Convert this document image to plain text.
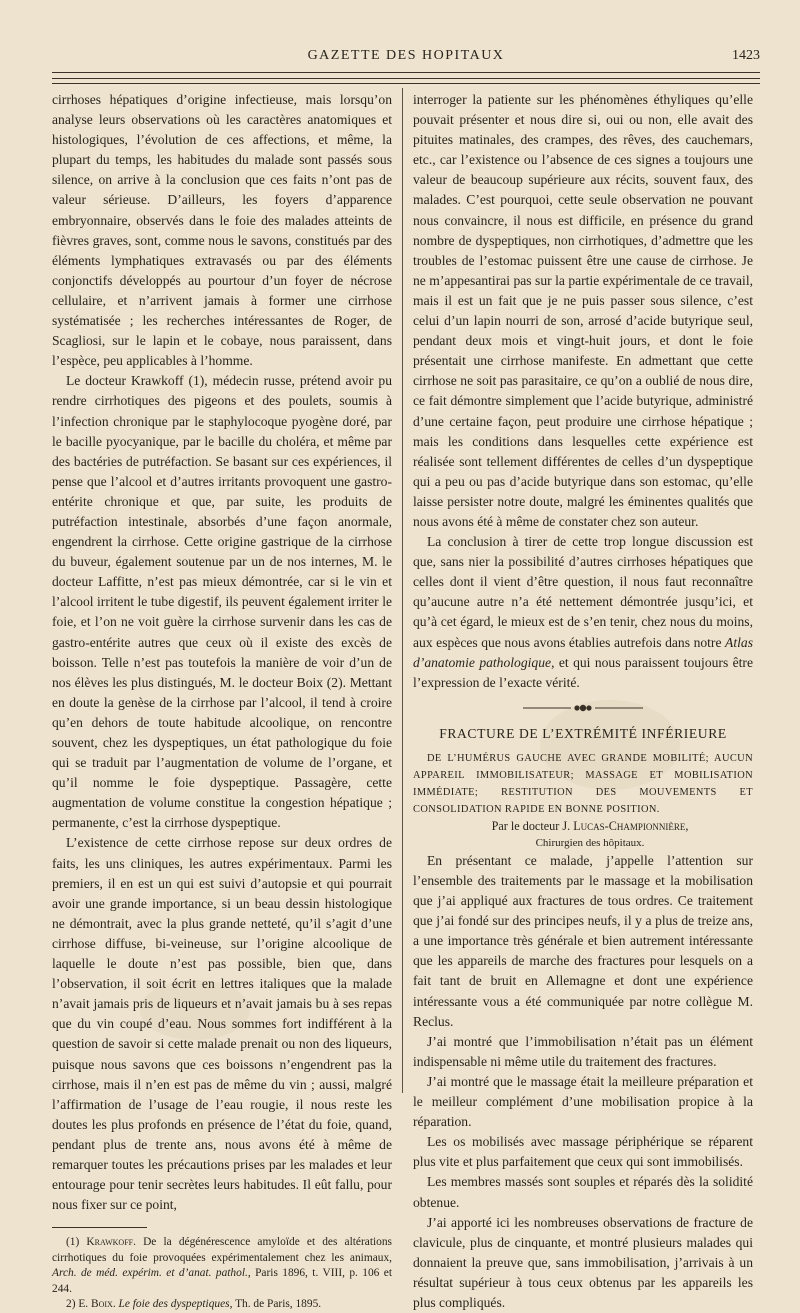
GAZETTE DES HOPITAUX	1423

cirrhoses hépatiques d’origine infectieuse, mais lorsqu’on analyse leurs observations où les caractères anatomiques et histologiques, l’évolution de ces affections, et même, la plupart du temps, les habitudes du malade sont passés sous silence, on arrive à la conclusion que ces faits n’ont pas de valeur sérieuse. D’ailleurs, les foyers d’apparence embryonnaire, observés dans le foie des malades atteints de fièvres graves, sont, comme nous le savons, constitués par des éléments lymphatiques extravasés ou par des éléments conjonctifs développés au pourtour d’un foyer de nécrose cellulaire, et n’arrivent jamais à former une cirrhose systématisée ; les recherches intéressantes de Roger, de Scagliosi, sur le lapin et le cobaye, nous paraissent, dans l’espèce, peu applicables à l’homme.

Le docteur Krawkoff (1), médecin russe, prétend avoir pu rendre cirrhotiques des pigeons et des poulets, soumis à l’infection chronique par le staphylocoque pyogène doré, par le bacille pyocyanique, par le bacille du choléra, et même par des bactéries de putréfaction. Se basant sur ces expériences, il pense que l’alcool et d’autres irritants provoquent une gastro-entérite chronique et que, par suite, les produits de putréfaction intestinale, absorbés d’une façon anormale, engendrent la cirrhose. Cette origine gastrique de la cirrhose du buveur, également soutenue par un de nos internes, M. le docteur Laffitte, n’est pas mieux démontrée, car si le vin et l’alcool irritent le tube digestif, ils peuvent également irriter le foie, et l’on ne voit guère la cirrhose survenir dans les cas de gastro-entérite autres que ceux où il existe des excès de boisson. Telle n’est pas toutefois la manière de voir d’un de nos élèves les plus distingués, M. le docteur Boix (2). Mettant en doute la genèse de la cirrhose par l’alcool, il tend à croire qu’en dehors de toute habitude alcoolique, on rencontre souvent, chez les dyspeptiques, un état pathologique du foie qui se traduit par l’augmentation de volume de l’organe, et qu’il nomme le foie dyspeptique. Passagère, cette augmentation de volume constitue la congestion hépatique ; permanente, c’est la cirrhose dyspeptique.

L’existence de cette cirrhose repose sur deux ordres de faits, les uns cliniques, les autres expérimentaux. Parmi les premiers, il en est un qui est suivi d’autopsie et qui pourrait avoir une grande importance, si un beau dessin histologique ne démontrait, avec la plus grande netteté, qu’il s’agit d’une cirrhose diffuse, bi-veineuse, sur l’origine alcoolique de laquelle le doute n’est pas possible, bien que, dans l’observation, il soit écrit en lettres italiques que la malade n’avait jamais pris de liqueurs et n’avait jamais bu à ses repas que du vin coupé d’eau. Nous sommes fort indifférent à la question de savoir si cette malade prenait ou non des liqueurs, puisque nous savons que ces boissons n’engendrent pas la cirrhose, mais il n’en est pas de même du vin ; aussi, malgré l’affirmation de l’usage de l’eau rougie, il nous reste les doutes les plus profonds en présence de l’état du foie, quand, pendant plus de trente ans, nous avons été à même de remarquer toutes les précautions prises par les malades et leur entourage pour tenir secrètes leurs habitudes. Il eût fallu, pour nous fixer sur ce point,

(1) Krawkoff. De la dégénérescence amyloïde et des altérations cirrhotiques du foie provoquées expérimentalement chez les animaux, Arch. de méd. expérim. et d’anat. pathol., Paris 1896, t. VIII, p. 106 et 244.

2) E. Boix. Le foie des dyspeptiques, Th. de Paris, 1895.

interroger la patiente sur les phénomènes éthyliques qu’elle pouvait présenter et nous dire si, oui ou non, elle avait des pituites matinales, des crampes, des rêves, des cauchemars, etc., car l’existence ou l’absence de ces signes a toujours une valeur de beaucoup supérieure aux récits, souvent faux, des malades. C’est pourquoi, cette seule observation ne pouvant nous convaincre, il nous est difficile, en présence du grand nombre de dyspeptiques, non cirrhotiques, d’admettre que les troubles de l’estomac puissent être une cause de cirrhose. Je ne m’appesantirai pas sur la partie expérimentale de ce travail, mais il est un fait que je ne puis passer sous silence, c’est celui d’un lapin nourri de son, arrosé d’acide butyrique seul, pendant deux mois et vingt-huit jours, et dont le foie présentait une cirrhose manifeste. En admettant que cette cirrhose ne soit pas parasitaire, ce qu’on a oublié de nous dire, ce fait démontre simplement que l’acide butyrique, administré d’une certaine façon, peut produire une cirrhose hépatique ; mais les conditions dans lesquelles cette expérience est réalisée sont tellement différentes de celles d’un dyspeptique qui a peu ou pas d’acide butyrique dans son estomac, qu’elle laisse persister notre doute, malgré les éminentes qualités que nous avons été à même de constater chez son auteur.

La conclusion à tirer de cette trop longue discussion est que, sans nier la possibilité d’autres cirrhoses hépatiques que celles dont il vient d’être question, il nous faut reconnaître qu’aucune autre n’a été nettement démontrée jusqu’ici, et qu’à cet égard, le mieux est de s’en tenir, chez nous du moins, aux espèces que nous avons établies autrefois dans notre Atlas d’anatomie pathologique, et qui nous paraissent toujours être l’expression de l’exacte vérité.

FRACTURE DE L’EXTRÉMITÉ INFÉRIEURE

DE L’HUMÉRUS GAUCHE AVEC GRANDE MOBILITÉ; AUCUN APPAREIL IMMOBILISATEUR; MASSAGE ET MOBILISATION IMMÉDIATE; RESTITUTION DES MOUVEMENTS ET CONSOLIDATION RAPIDE EN BONNE POSITION.

Par le docteur J. Lucas-Championnière,

Chirurgien des hôpitaux.

En présentant ce malade, j’appelle l’attention sur l’ensemble des traitements par le massage et la mobilisation que j’ai appliqué aux fractures de tous ordres. Ce traitement que j’ai fondé sur des principes neufs, il y a plus de treize ans, a une importance très générale et bien autrement intéressante que les appareils de marche des fractures pour lesquels on a fait tant de bruit en Allemagne et dont une expérience intéressante vous a été communiquée par notre collègue M. Reclus.

J’ai montré que l’immobilisation n’était pas un élément indispensable ni même utile du traitement des fractures.

J’ai montré que le massage était la meilleure préparation et le meilleur complément d’une mobilisation propice à la réparation.

Les os mobilisés avec massage périphérique se réparent plus vite et plus parfaitement que ceux qui sont immobilisés.

Les membres massés sont souples et réparés dès la solidité obtenue.

J’ai apporté ici les nombreuses observations de fracture de clavicule, plus de cinquante, et montré plusieurs malades qui donnaient la preuve que, sans immobilisation, j’arrivais à un résultat supérieur à tous ceux obtenus par les appareils les plus compliqués.
